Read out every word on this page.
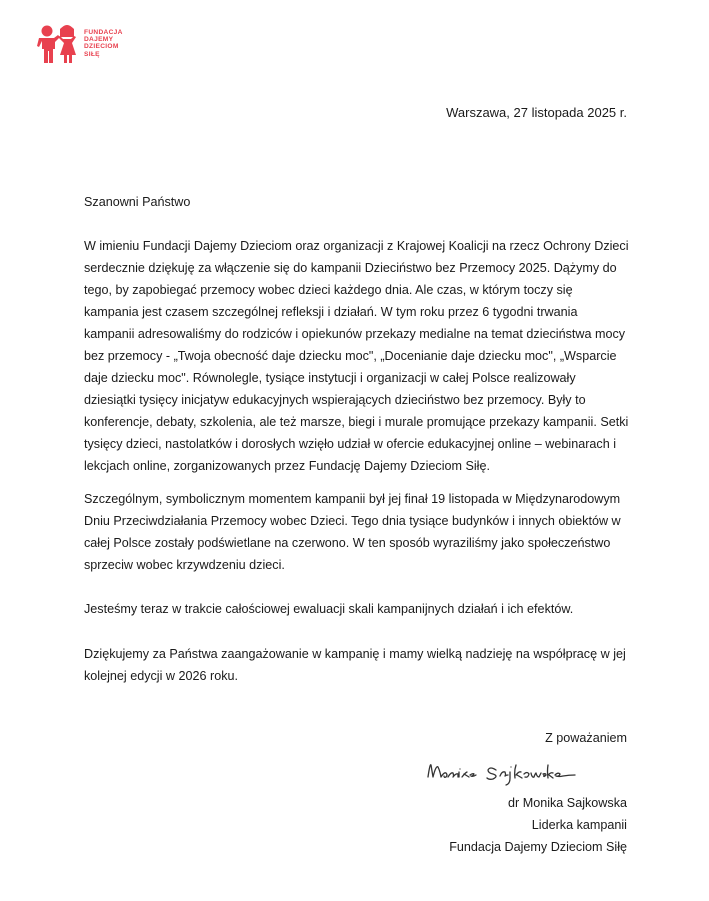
FUNDACJA
DAJEMY
DZIECIOM
SIŁĘ
Warszawa, 27 listopada 2025 r.
Szanowni Państwo

W imieniu Fundacji Dajemy Dzieciom oraz organizacji z Krajowej Koalicji na rzecz Ochrony Dzieci serdecznie dziękuję za włączenie się do kampanii Dzieciństwo bez Przemocy 2025. Dążymy do tego, by zapobiegać przemocy wobec dzieci każdego dnia. Ale czas, w którym toczy się kampania jest czasem szczególnej refleksji i działań. W tym roku przez 6 tygodni trwania kampanii adresowaliśmy do rodziców i opiekunów przekazy medialne na temat dzieciństwa mocy bez przemocy - „Twoja obecność daje dziecku moc", „Docenianie daje dziecku moc", „Wsparcie daje dziecku moc". Równolegle, tysiące instytucji i organizacji w całej Polsce realizowały dziesiątki tysięcy inicjatyw edukacyjnych wspierających dzieciństwo bez przemocy. Były to konferencje, debaty, szkolenia, ale też marsze, biegi i murale promujące przekazy kampanii. Setki tysięcy dzieci, nastolatków i dorosłych wzięło udział w ofercie edukacyjnej online – webinarach i lekcjach online, zorganizowanych przez Fundację Dajemy Dzieciom Siłę.

Szczególnym, symbolicznym momentem kampanii był jej finał 19 listopada w Międzynarodowym Dniu Przeciwdziałania Przemocy wobec Dzieci. Tego dnia tysiące budynków i innych obiektów w całej Polsce zostały podświetlane na czerwono. W ten sposób wyraziliśmy jako społeczeństwo sprzeciw wobec krzywdzeniu dzieci.

Jesteśmy teraz w trakcie całościowej ewaluacji skali kampanijnych działań i ich efektów.

Dziękujemy za Państwa zaangażowanie w kampanię i mamy wielką nadzieję na współpracę w jej kolejnej edycji w 2026 roku.

Z poważaniem
dr Monika Sajkowska
Liderka kampanii
Fundacja Dajemy Dzieciom Siłę
